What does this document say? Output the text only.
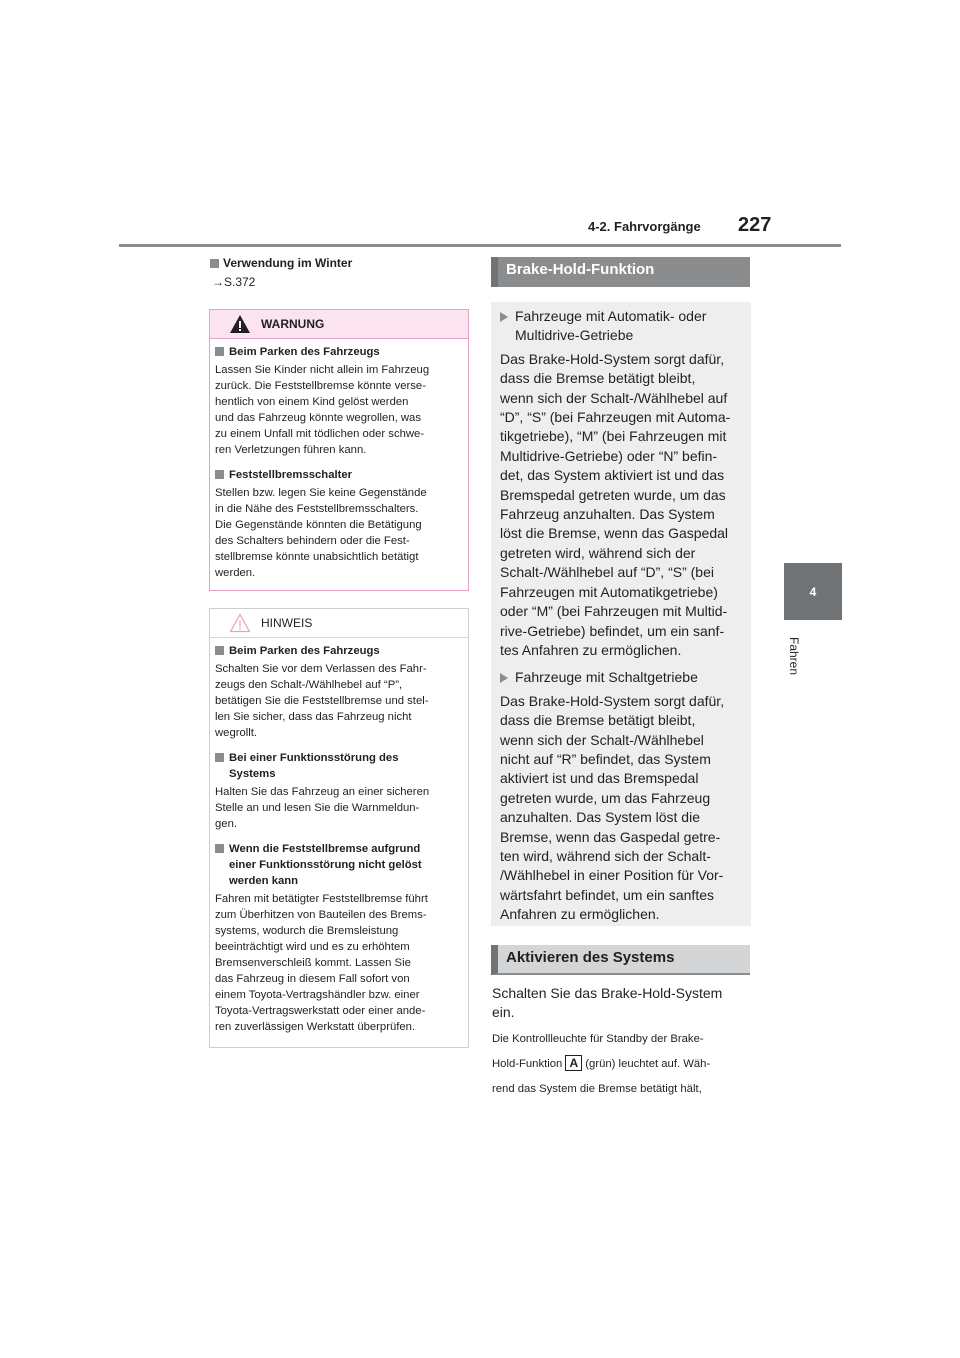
227
4-2. Fahrvorgänge
4
Fahren
Verwendung im Winter
→S.372
WARNUNG
Beim Parken des Fahrzeugs
Lassen Sie Kinder nicht allein im Fahrzeug
zurück. Die Feststellbremse könnte verse-
hentlich von einem Kind gelöst werden
und das Fahrzeug könnte wegrollen, was
zu einem Unfall mit tödlichen oder schwe-
ren Verletzungen führen kann.
Feststellbremsschalter
Stellen bzw. legen Sie keine Gegenstände
in die Nähe des Feststellbremsschalters.
Die Gegenstände könnten die Betätigung
des Schalters behindern oder die Fest-
stellbremse könnte unabsichtlich betätigt
werden.
HINWEIS
Beim Parken des Fahrzeugs
Schalten Sie vor dem Verlassen des Fahr-
zeugs den Schalt-/Wählhebel auf “P”,
betätigen Sie die Feststellbremse und stel-
len Sie sicher, dass das Fahrzeug nicht
wegrollt.
Bei einer Funktionsstörung des
Systems
Halten Sie das Fahrzeug an einer sicheren
Stelle an und lesen Sie die Warnmeldun-
gen.
Wenn die Feststellbremse aufgrund
einer Funktionsstörung nicht gelöst
werden kann
Fahren mit betätigter Feststellbremse führt
zum Überhitzen von Bauteilen des Brems-
systems, wodurch die Bremsleistung
beeinträchtigt wird und es zu erhöhtem
Bremsenverschleiß kommt. Lassen Sie
das Fahrzeug in diesem Fall sofort von
einem Toyota-Vertragshändler bzw. einer
Toyota-Vertragswerkstatt oder einer ande-
ren zuverlässigen Werkstatt überprüfen.
Brake-Hold-Funktion
Fahrzeuge mit Automatik- oder
Multidrive-Getriebe

Das Brake-Hold-System sorgt dafür,
dass die Bremse betätigt bleibt,
wenn sich der Schalt-/Wählhebel auf
“D”, “S” (bei Fahrzeugen mit Automa-
tikgetriebe), “M” (bei Fahrzeugen mit
Multidrive-Getriebe) oder “N” befin-
det, das System aktiviert ist und das
Bremspedal getreten wurde, um das
Fahrzeug anzuhalten. Das System
löst die Bremse, wenn das Gaspedal
getreten wird, während sich der
Schalt-/Wählhebel auf “D”, “S” (bei
Fahrzeugen mit Automatikgetriebe)
oder “M” (bei Fahrzeugen mit Multid-
rive-Getriebe) befindet, um ein sanf-
tes Anfahren zu ermöglichen.

Fahrzeuge mit Schaltgetriebe

Das Brake-Hold-System sorgt dafür,
dass die Bremse betätigt bleibt,
wenn sich der Schalt-/Wählhebel
nicht auf “R” befindet, das System
aktiviert ist und das Bremspedal
getreten wurde, um das Fahrzeug
anzuhalten. Das System löst die
Bremse, wenn das Gaspedal getre-
ten wird, während sich der Schalt-
/Wählhebel in einer Position für Vor-
wärtsfahrt befindet, um ein sanftes
Anfahren zu ermöglichen.

Aktivieren des Systems
Schalten Sie das Brake-Hold-System
ein.
Die Kontrollleuchte für Standby der Brake-
Hold-Funktion A (grün) leuchtet auf. Wäh-
rend das System die Bremse betätigt hält,
